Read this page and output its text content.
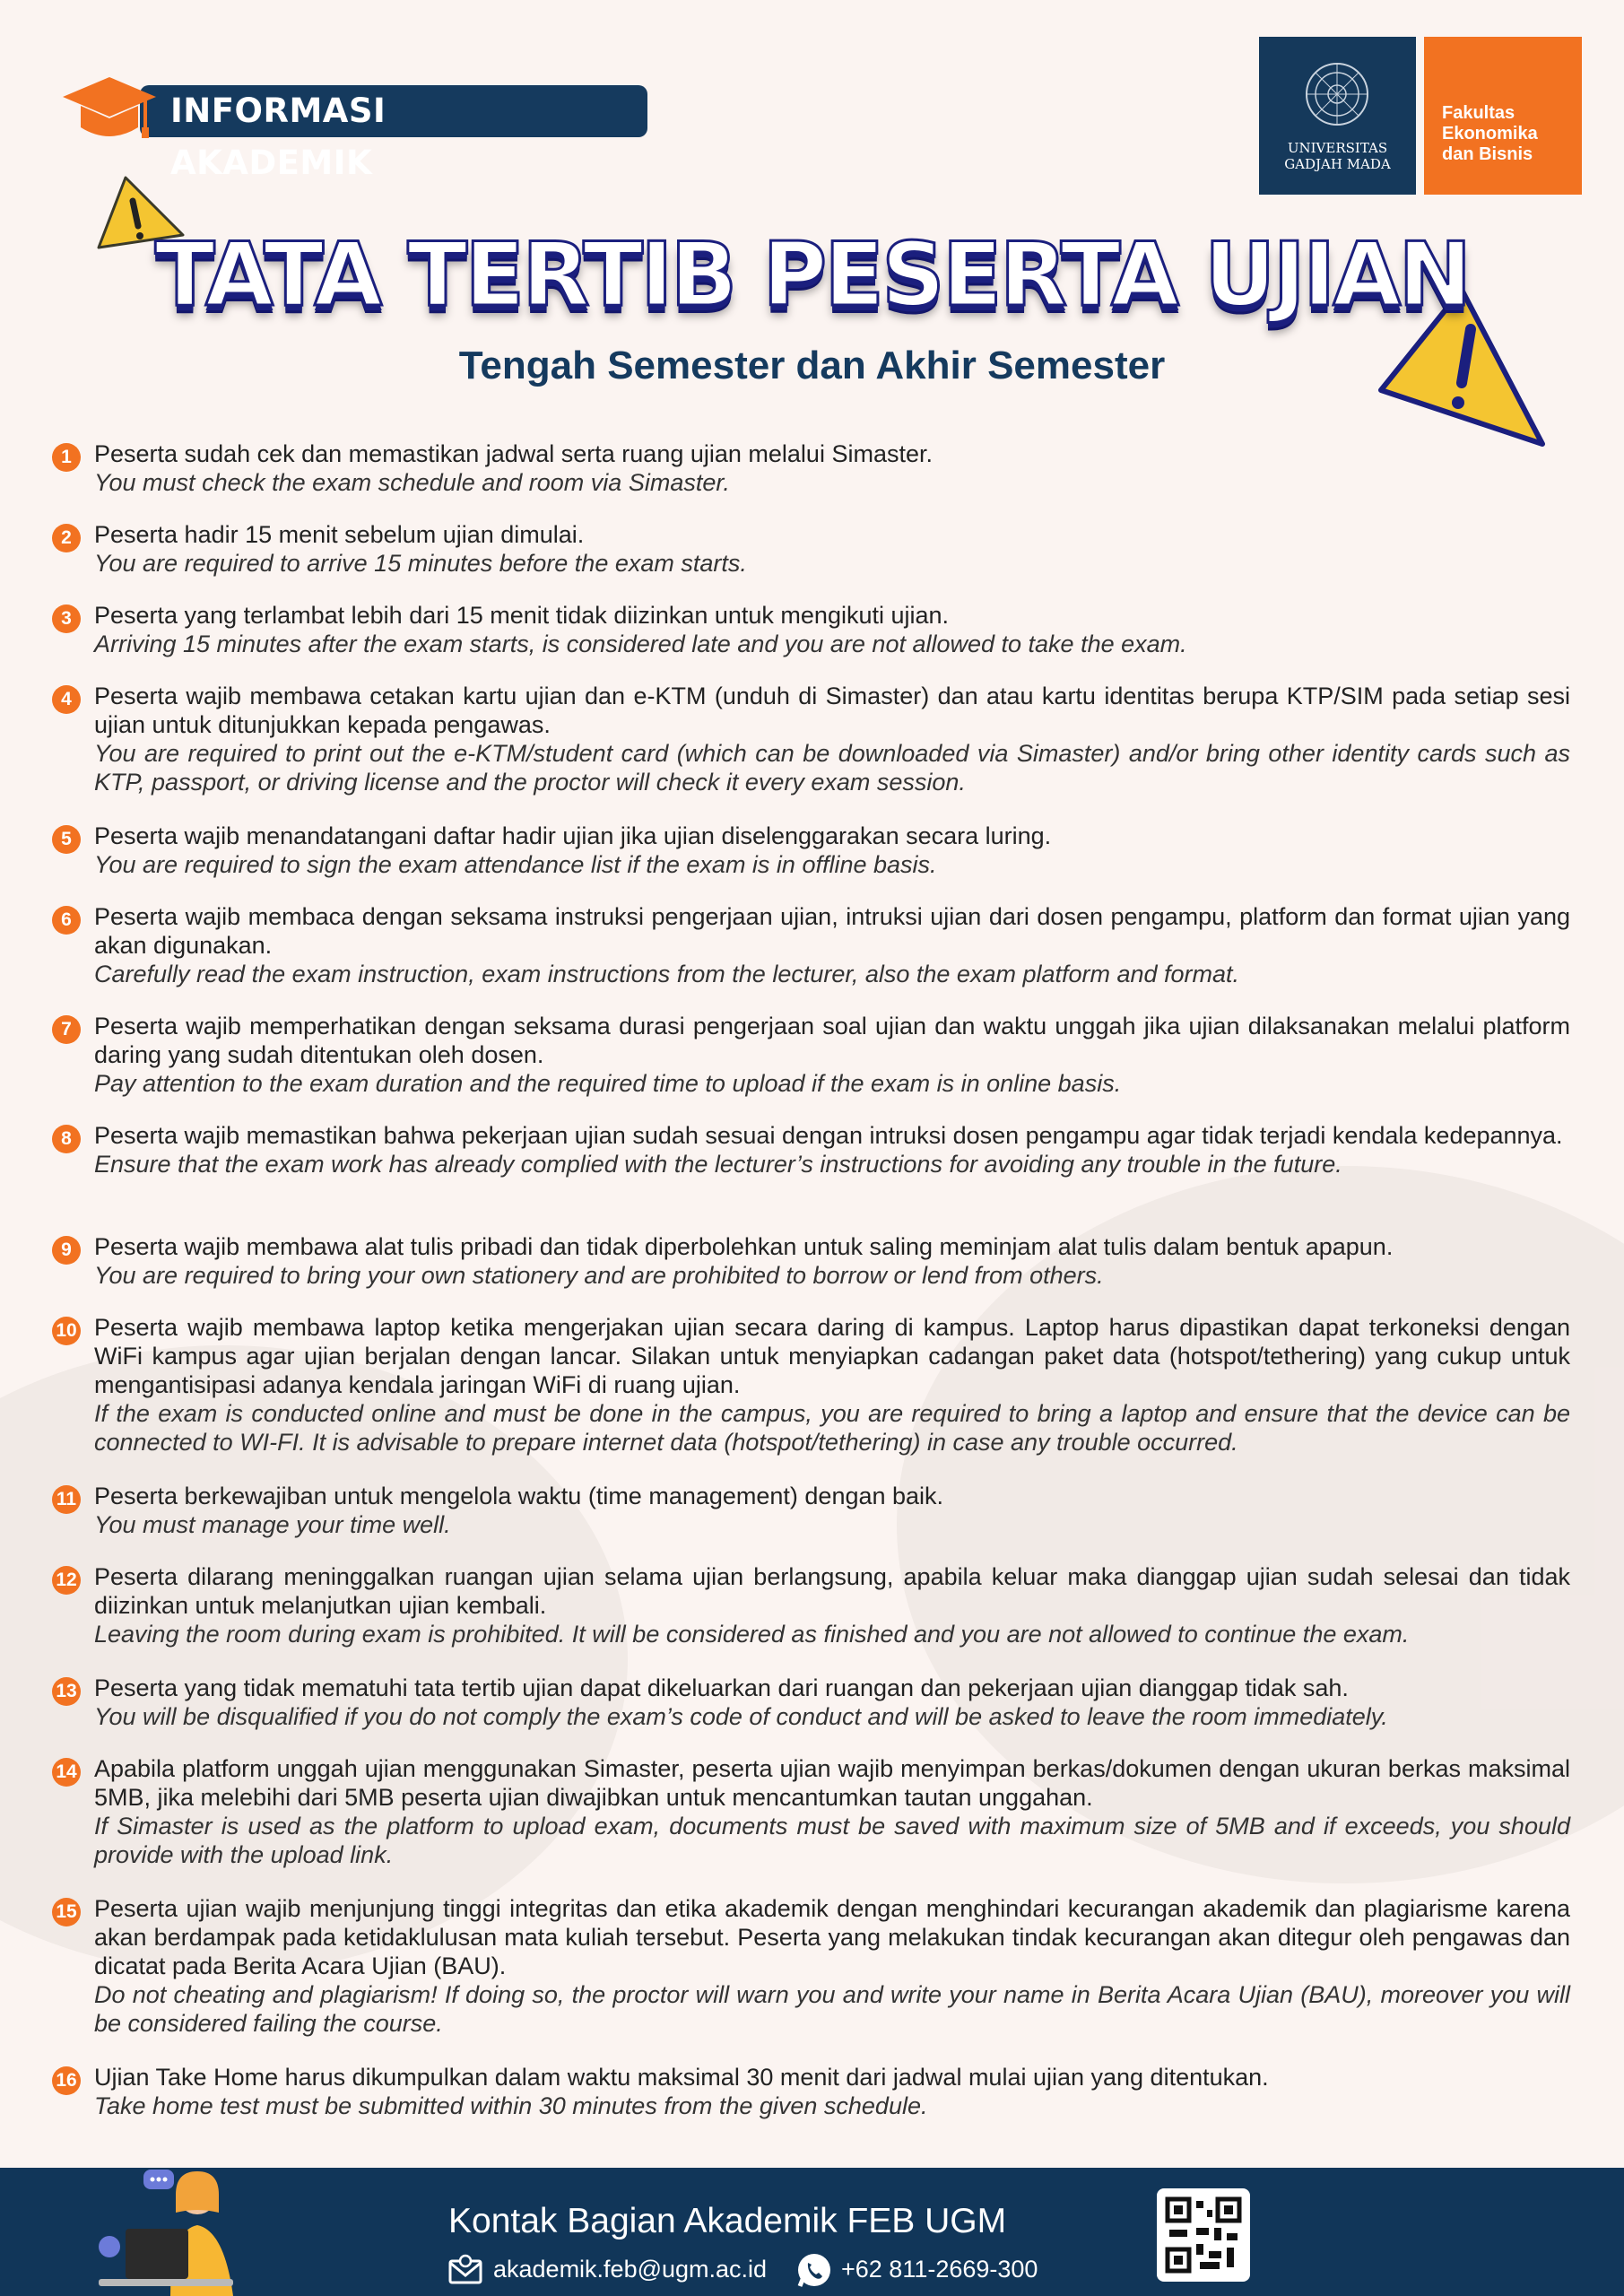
INFORMASI AKADEMIK	UNIVERSITAS
GADJAH MADA
Fakultas
Ekonomika
dan Bisnis
TATA TERTIB PESERTA UJIAN
Tengah Semester dan Akhir Semester
1 Peserta sudah cek dan memastikan jadwal serta ruang ujian melalui Simaster.
You must check the exam schedule and room via Simaster.
2 Peserta hadir 15 menit sebelum ujian dimulai.
You are required to arrive 15 minutes before the exam starts.
3 Peserta yang terlambat lebih dari 15 menit tidak diizinkan untuk mengikuti ujian.
Arriving 15 minutes after the exam starts, is considered late and you are not allowed to take the exam.
4 Peserta wajib membawa cetakan kartu ujian dan e-KTM (unduh di Simaster) dan atau kartu identitas berupa KTP/SIM pada setiap sesi ujian untuk ditunjukkan kepada pengawas.
You are required to print out the e-KTM/student card (which can be downloaded via Simaster) and/or bring other identity cards such as KTP, passport, or driving license and the proctor will check it every exam session.
5 Peserta wajib menandatangani daftar hadir ujian jika ujian diselenggarakan secara luring.
You are required to sign the exam attendance list if the exam is in offline basis.
6 Peserta wajib membaca dengan seksama instruksi pengerjaan ujian, intruksi ujian dari dosen pengampu, platform dan format ujian yang akan digunakan.
Carefully read the exam instruction, exam instructions from the lecturer, also the exam platform and format.
7 Peserta wajib memperhatikan dengan seksama durasi pengerjaan soal ujian dan waktu unggah jika ujian dilaksanakan melalui platform daring yang sudah ditentukan oleh dosen.
Pay attention to the exam duration and the required time to upload if the exam is in online basis.
8 Peserta wajib memastikan bahwa pekerjaan ujian sudah sesuai dengan intruksi dosen pengampu agar tidak terjadi kendala kedepannya.
Ensure that the exam work has already complied with the lecturer’s instructions for avoiding any trouble in the future.
9 Peserta wajib membawa alat tulis pribadi dan tidak diperbolehkan untuk saling meminjam alat tulis dalam bentuk apapun.
You are required to bring your own stationery and are prohibited to borrow or lend from others.
10 Peserta wajib membawa laptop ketika mengerjakan ujian secara daring di kampus. Laptop harus dipastikan dapat terkoneksi dengan WiFi kampus agar ujian berjalan dengan lancar. Silakan untuk menyiapkan cadangan paket data (hotspot/tethering) yang cukup untuk mengantisipasi adanya kendala jaringan WiFi di ruang ujian.
If the exam is conducted online and must be done in the campus, you are required to bring a laptop and ensure that the device can be connected to WI-FI. It is advisable to prepare internet data (hotspot/tethering) in case any trouble occurred.
11 Peserta berkewajiban untuk mengelola waktu (time management) dengan baik.
You must manage your time well.
12 Peserta dilarang meninggalkan ruangan ujian selama ujian berlangsung, apabila keluar maka dianggap ujian sudah selesai dan tidak diizinkan untuk melanjutkan ujian kembali.
Leaving the room during exam is prohibited. It will be considered as finished and you are not allowed to continue the exam.
13 Peserta yang tidak mematuhi tata tertib ujian dapat dikeluarkan dari ruangan dan pekerjaan ujian dianggap tidak sah.
You will be disqualified if you do not comply the exam’s code of conduct and will be asked to leave the room immediately.
14 Apabila platform unggah ujian menggunakan Simaster, peserta ujian wajib menyimpan berkas/dokumen dengan ukuran berkas maksimal 5MB, jika melebihi dari 5MB peserta ujian diwajibkan untuk mencantumkan tautan unggahan.
If Simaster is used as the platform to upload exam, documents must be saved with maximum size of 5MB and if exceeds, you should provide with the upload link.
15 Peserta ujian wajib menjunjung tinggi integritas dan etika akademik dengan menghindari kecurangan akademik dan plagiarisme karena akan berdampak pada ketidaklulusan mata kuliah tersebut. Peserta yang melakukan tindak kecurangan akan ditegur oleh pengawas dan dicatat pada Berita Acara Ujian (BAU).
Do not cheating and plagiarism! If doing so, the proctor will warn you and write your name in Berita Acara Ujian (BAU), moreover you will be considered failing the course.
16 Ujian Take Home harus dikumpulkan dalam waktu maksimal 30 menit dari jadwal mulai ujian yang ditentukan.
Take home test must be submitted within 30 minutes from the given schedule.
Kontak Bagian Akademik FEB UGM
akademik.feb@ugm.ac.id	+62 811-2669-300
